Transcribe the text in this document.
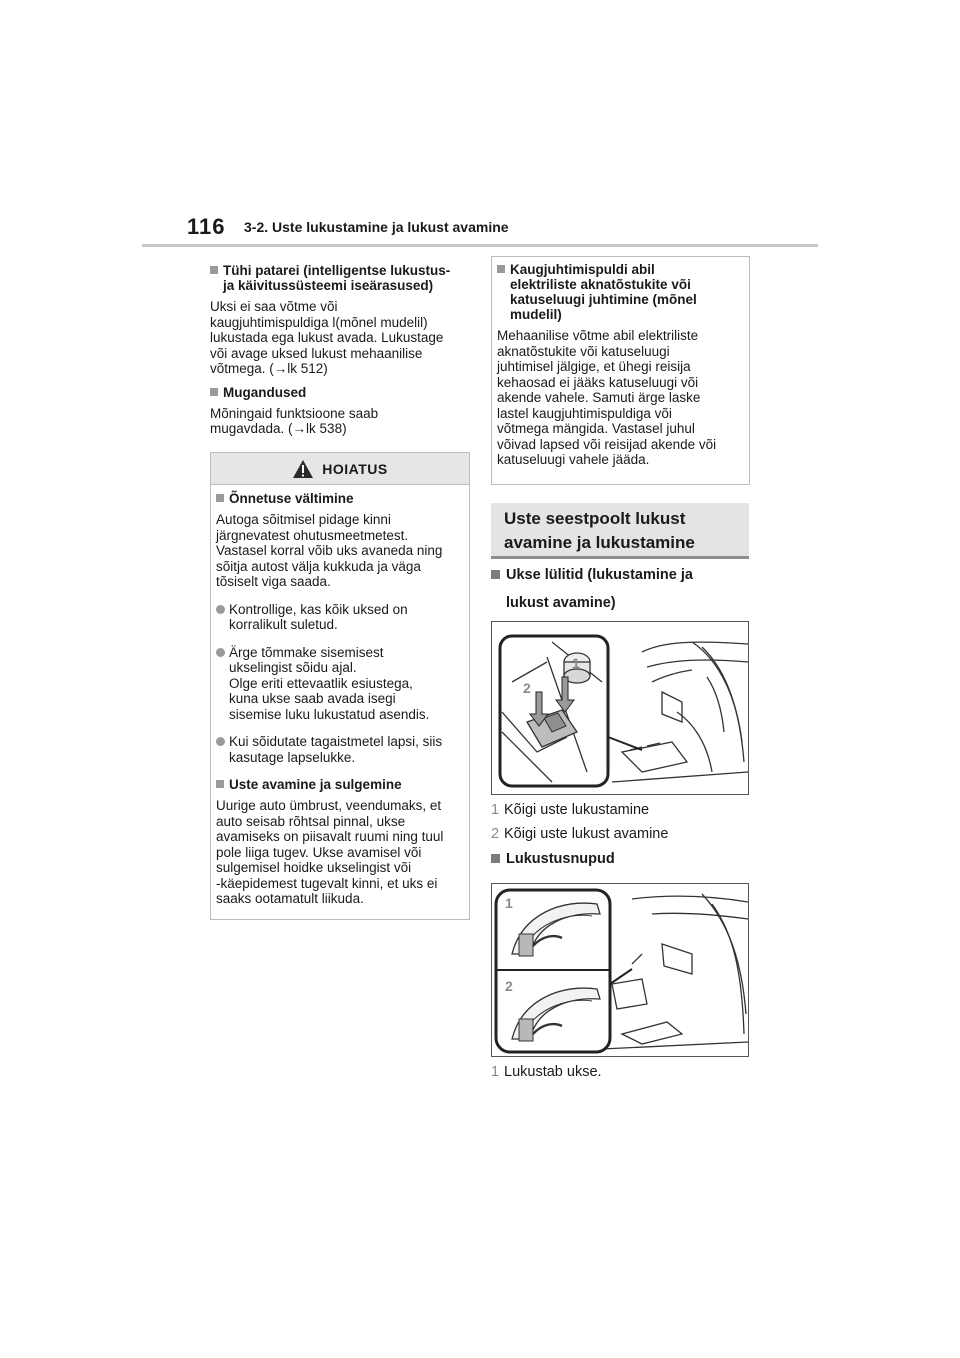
116 3-2. Uste lukustamine ja lukust avamine
Tühi patarei (intelligentse lukustus-
ja käivitussüsteemi iseärasused)
Uksi ei saa võtme või
kaugjuhtimispuldiga l(mõnel mudelil)
lukustada ega lukust avada. Lukustage
või avage uksed lukust mehaanilise
võtmega. (→lk 512)
Mugandused
Mõningaid funktsioone saab
mugavdada. (→lk 538)
HOIATUS
Õnnetuse vältimine
Autoga sõitmisel pidage kinni
järgnevatest ohutusmeetmetest.
Vastasel korral võib uks avaneda ning
sõitja autost välja kukkuda ja väga
tõsiselt viga saada.
Kontrollige, kas kõik uksed on
korralikult suletud.
Ärge tõmmake sisemisest
ukselingist sõidu ajal.
Olge eriti ettevaatlik esiustega,
kuna ukse saab avada isegi
sisemise luku lukustatud asendis.
Kui sõidutate tagaistmetel lapsi, siis
kasutage lapselukke.
Uste avamine ja sulgemine
Uurige auto ümbrust, veendumaks, et
auto seisab rõhtsal pinnal, ukse
avamiseks on piisavalt ruumi ning tuul
pole liiga tugev. Ukse avamisel või
sulgemisel hoidke ukselingist või
-käepidemest tugevalt kinni, et uks ei
saaks ootamatult liikuda.
Kaugjuhtimispuldi abil
elektriliste aknatõstukite või
katuseluugi juhtimine (mõnel
mudelil)
Mehaanilise võtme abil elektriliste
aknatõstukite või katuseluugi
juhtimisel jälgige, et ühegi reisija
kehaosad ei jääks katuseluugi või
akende vahele. Samuti ärge laske
lastel kaugjuhtimispuldiga või
võtmega mängida. Vastasel juhul
võivad lapsed või reisijad akende või
katuseluugi vahele jääda.
Uste seestpoolt lukust
avamine ja lukustamine
Ukse lülitid (lukustamine ja
lukust avamine)
1
2
1 Kõigi uste lukustamine
2 Kõigi uste lukust avamine
Lukustusnupud
1
2
1 Lukustab ukse.
